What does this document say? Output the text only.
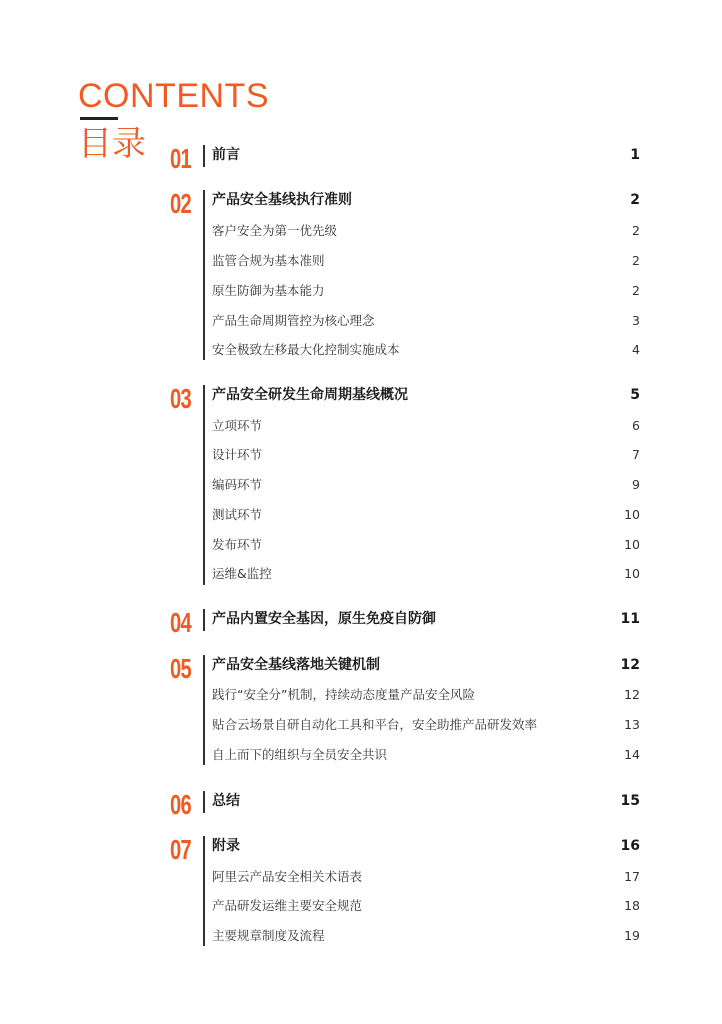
CONTENTS
目录 01 前言	1
02 产品安全基线执行准则	2
客户安全为第一优先级	2
监管合规为基本准则	2
原生防御为基本能力	2
产品生命周期管控为核心理念	3
安全极致左移最大化控制实施成本	4
03 产品安全研发生命周期基线概况	5
立项环节	6
设计环节	7
编码环节	9
测试环节	10
发布环节	10
运维&监控	10
04 产品内置安全基因，原生免疫自防御	11
05 产品安全基线落地关键机制	12
践行“安全分”机制，持续动态度量产品安全风险	12
贴合云场景自研自动化工具和平台，安全助推产品研发效率	13
自上而下的组织与全员安全共识	14
06 总结	15
07 附录	16
阿里云产品安全相关术语表	17
产品研发运维主要安全规范	18
主要规章制度及流程	19
